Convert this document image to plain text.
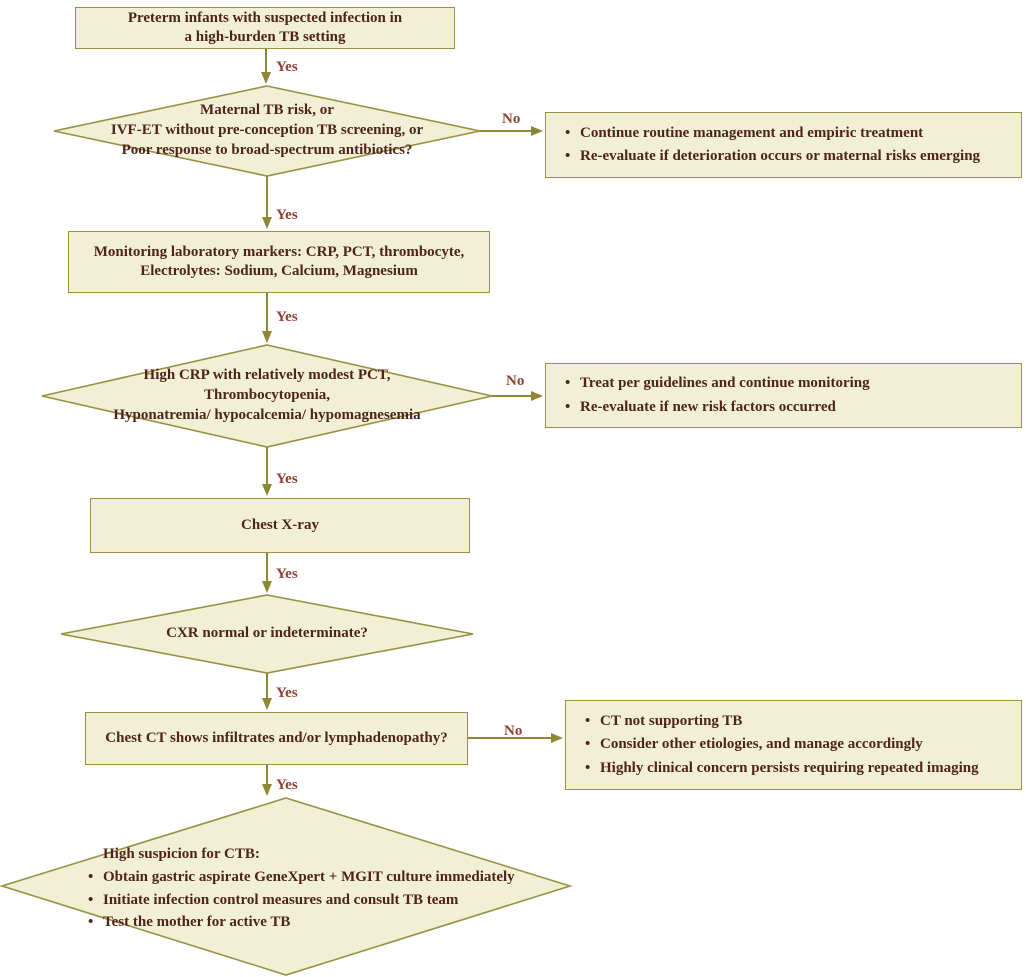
Preterm infants with suspected infection in
a high-burden TB setting
Maternal TB risk, or
IVF-ET without pre-conception TB screening, or
Poor response to broad-spectrum antibiotics?
• Continue routine management and empiric treatment
• Re-evaluate if deterioration occurs or maternal risks emerging
Monitoring laboratory markers: CRP, PCT, thrombocyte,
Electrolytes: Sodium, Calcium, Magnesium
High CRP with relatively modest PCT,
Thrombocytopenia,
Hyponatremia/ hypocalcemia/ hypomagnesemia
• Treat per guidelines and continue monitoring
• Re-evaluate if new risk factors occurred
Chest X-ray
CXR normal or indeterminate?
Chest CT shows infiltrates and/or lymphadenopathy?
• CT not supporting TB
• Consider other etiologies, and manage accordingly
• Highly clinical concern persists requiring repeated imaging
High suspicion for CTB:
• Obtain gastric aspirate GeneXpert + MGIT culture immediately
• Initiate infection control measures and consult TB team
• Test the mother for active TB
Yes
No
Yes
Yes
No
Yes
Yes
Yes
No
Yes
